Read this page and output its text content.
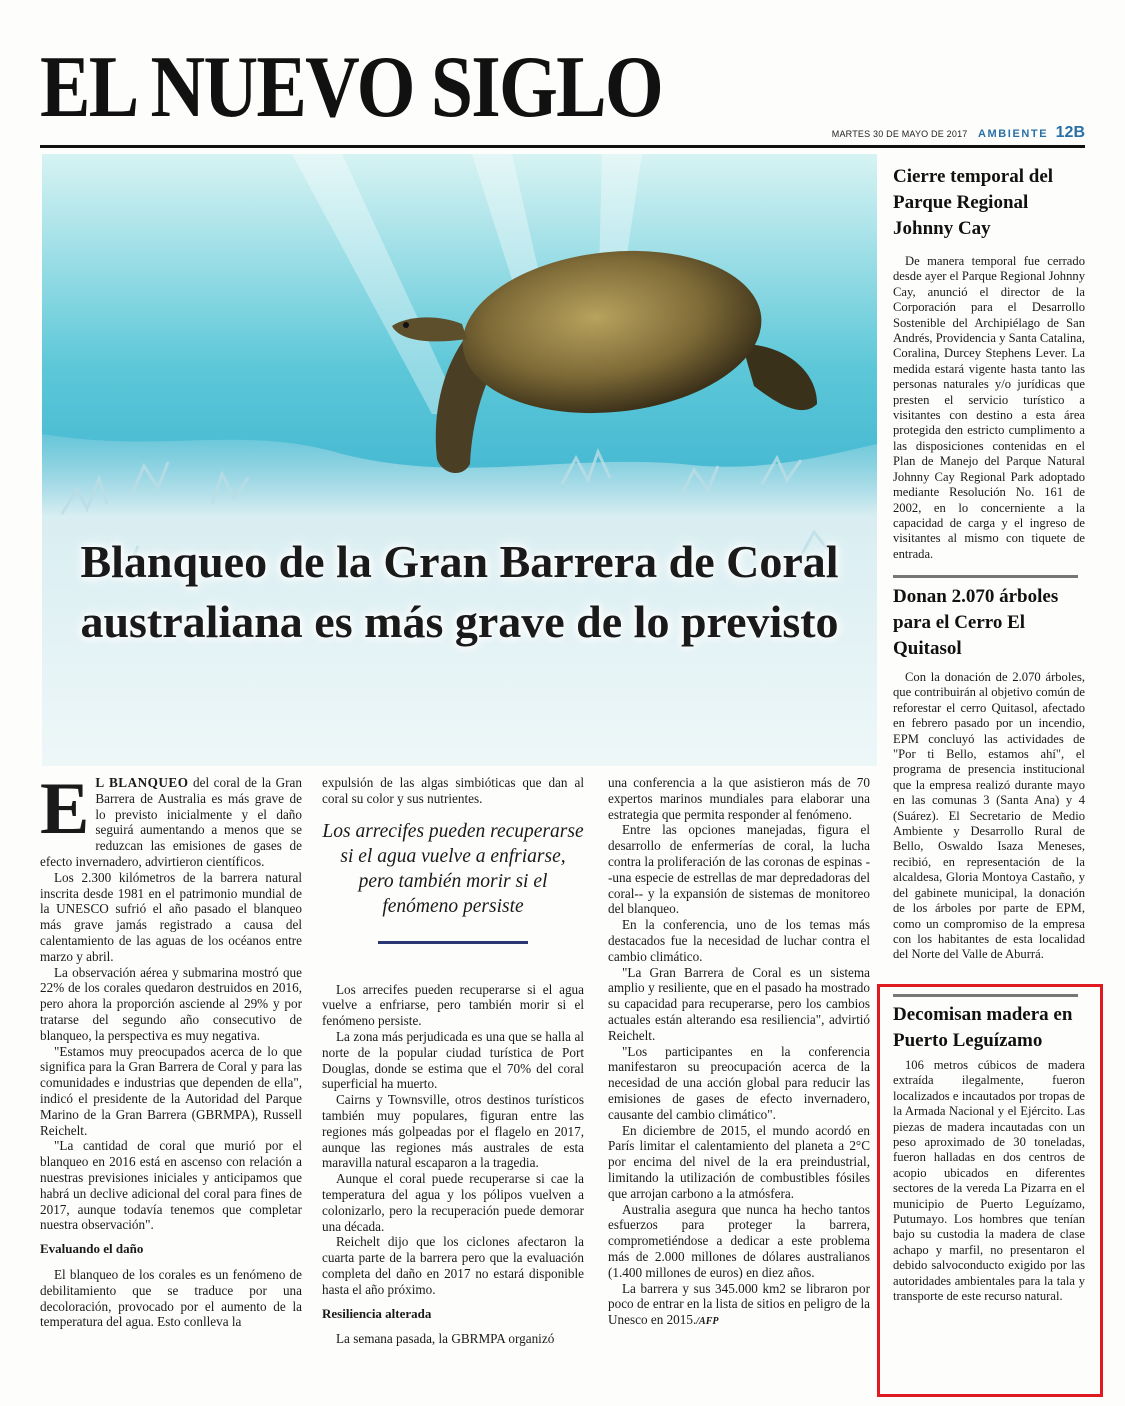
EL NUEVO SIGLO	MARTES 30 DE MAYO DE 2017 AMBIENTE 12B
Blanqueo de la Gran Barrera de Coral australiana es más grave de lo previsto

E L BLANQUEO del coral de la Gran Barrera de Australia es más grave de lo previsto inicialmente y el daño seguirá aumentando a menos que se reduzcan las emisiones de gases de efecto invernadero, advirtieron científicos.

Los 2.300 kilómetros de la barrera natural inscrita desde 1981 en el patrimonio mundial de la UNESCO sufrió el año pasado el blanqueo más grave jamás registrado a causa del calentamiento de las aguas de los océanos entre marzo y abril.

La observación aérea y submarina mostró que 22% de los corales quedaron destruidos en 2016, pero ahora la proporción asciende al 29% y por tratarse del segundo año consecutivo de blanqueo, la perspectiva es muy negativa.

"Estamos muy preocupados acerca de lo que significa para la Gran Barrera de Coral y para las comunidades e industrias que dependen de ella", indicó el presidente de la Autoridad del Parque Marino de la Gran Barrera (GBRMPA), Russell Reichelt.

"La cantidad de coral que murió por el blanqueo en 2016 está en ascenso con relación a nuestras previsiones iniciales y anticipamos que habrá un declive adicional del coral para fines de 2017, aunque todavía tenemos que completar nuestra observación".

Evaluando el daño

El blanqueo de los corales es un fenómeno de debilitamiento que se traduce por una decoloración, provocado por el aumento de la temperatura del agua. Esto conlleva la

expulsión de las algas simbióticas que dan al coral su color y sus nutrientes.

Los arrecifes pueden recuperarse si el agua vuelve a enfriarse, pero también morir si el fenómeno persiste

Los arrecifes pueden recuperarse si el agua vuelve a enfriarse, pero también morir si el fenómeno persiste.

La zona más perjudicada es una que se halla al norte de la popular ciudad turística de Port Douglas, donde se estima que el 70% del coral superficial ha muerto.

Cairns y Townsville, otros destinos turísticos también muy populares, figuran entre las regiones más golpeadas por el flagelo en 2017, aunque las regiones más australes de esta maravilla natural escaparon a la tragedia.

Aunque el coral puede recuperarse si cae la temperatura del agua y los pólipos vuelven a colonizarlo, pero la recuperación puede demorar una década.

Reichelt dijo que los ciclones afectaron la cuarta parte de la barrera pero que la evaluación completa del daño en 2017 no estará disponible hasta el año próximo.

Resiliencia alterada

La semana pasada, la GBRMPA organizó

una conferencia a la que asistieron más de 70 expertos marinos mundiales para elaborar una estrategia que permita responder al fenómeno.

Entre las opciones manejadas, figura el desarrollo de enfermerías de coral, la lucha contra la proliferación de las coronas de espinas --una especie de estrellas de mar depredadoras del coral-- y la expansión de sistemas de monitoreo del blanqueo.

En la conferencia, uno de los temas más destacados fue la necesidad de luchar contra el cambio climático.

"La Gran Barrera de Coral es un sistema amplio y resiliente, que en el pasado ha mostrado su capacidad para recuperarse, pero los cambios actuales están alterando esa resiliencia", advirtió Reichelt.

"Los participantes en la conferencia manifestaron su preocupación acerca de la necesidad de una acción global para reducir las emisiones de gases de efecto invernadero, causante del cambio climático".

En diciembre de 2015, el mundo acordó en París limitar el calentamiento del planeta a 2°C por encima del nivel de la era preindustrial, limitando la utilización de combustibles fósiles que arrojan carbono a la atmósfera.

Australia asegura que nunca ha hecho tantos esfuerzos para proteger la barrera, comprometiéndose a dedicar a este problema más de 2.000 millones de dólares australianos (1.400 millones de euros) en diez años.

La barrera y sus 345.000 km2 se libraron por poco de entrar en la lista de sitios en peligro de la Unesco en 2015./AFP

Cierre temporal del Parque Regional Johnny Cay

De manera temporal fue cerrado desde ayer el Parque Regional Johnny Cay, anunció el director de la Corporación para el Desarrollo Sostenible del Archipiélago de San Andrés, Providencia y Santa Catalina, Coralina, Durcey Stephens Lever. La medida estará vigente hasta tanto las personas naturales y/o jurídicas que presten el servicio turístico a visitantes con destino a esta área protegida den estricto cumplimento a las disposiciones contenidas en el Plan de Manejo del Parque Natural Johnny Cay Regional Park adoptado mediante Resolución No. 161 de 2002, en lo concerniente a la capacidad de carga y el ingreso de visitantes al mismo con tiquete de entrada.

Donan 2.070 árboles para el Cerro El Quitasol

Con la donación de 2.070 árboles, que contribuirán al objetivo común de reforestar el cerro Quitasol, afectado en febrero pasado por un incendio, EPM concluyó las actividades de "Por ti Bello, estamos ahí", el programa de presencia institucional que la empresa realizó durante mayo en las comunas 3 (Santa Ana) y 4 (Suárez). El Secretario de Medio Ambiente y Desarrollo Rural de Bello, Oswaldo Isaza Meneses, recibió, en representación de la alcaldesa, Gloria Montoya Castaño, y del gabinete municipal, la donación de los árboles por parte de EPM, como un compromiso de la empresa con los habitantes de esta localidad del Norte del Valle de Aburrá.

Decomisan madera en Puerto Leguízamo

106 metros cúbicos de madera extraída ilegalmente, fueron localizados e incautados por tropas de la Armada Nacional y el Ejército. Las piezas de madera incautadas con un peso aproximado de 30 toneladas, fueron halladas en dos centros de acopio ubicados en diferentes sectores de la vereda La Pizarra en el municipio de Puerto Leguízamo, Putumayo. Los hombres que tenían bajo su custodia la madera de clase achapo y marfil, no presentaron el debido salvoconducto exigido por las autoridades ambientales para la tala y transporte de este recurso natural.
